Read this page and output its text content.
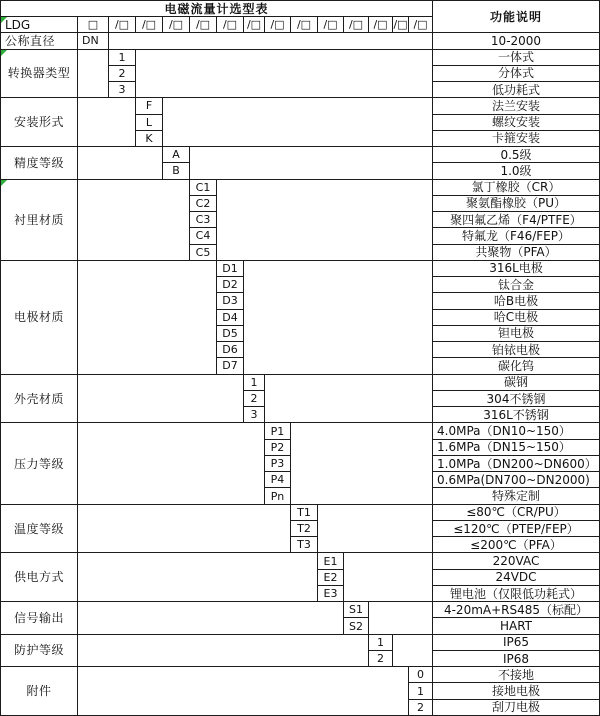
电磁流量计选型表
功能说明
LDG	□
公称直径	DN	10-2000
/□	/□	/□	/□	/□ /□ /□	/□	/□	/□ /□ /□ /□
转换器类型
1	一体式
2	分体式
3	低功耗式
安装形式
F	法兰安装
L	螺纹安装
K	卡箍安装
精度等级
A	0.5级
B	1.0级
衬里材质
C1	氯丁橡胶（CR）
C2	聚氨酯橡胶（PU）
C3	聚四氟乙烯（F4/PTFE）
C4	特氟龙（F46/FEP）
C5	共聚物（PFA）
电极材质
D1	316L电极
D2	钛合金
D3	哈B电极
D4	哈C电极
D5	钽电极
D6	铂铱电极
D7	碳化钨
外壳材质
1	碳钢
2	304不锈钢
3	316L不锈钢
压力等级
P1	4.0MPa（DN10~150）
P2	1.6MPa（DN15~150）
P3	1.0MPa（DN200~DN600）
P4	0.6MPa(DN700~DN2000)
Pn	特殊定制
温度等级
T1	≤80℃（CR/PU）
T2	≤120℃（PTEP/FEP）
T3	≤200℃（PFA）
供电方式
E1	220VAC
E2	24VDC
E3	锂电池（仅限低功耗式）
信号输出
S1	4-20mA+RS485（标配）
S2	HART
防护等级
1	IP65
2	IP68
附件
0	不接地
1	接地电极
2	刮刀电极
